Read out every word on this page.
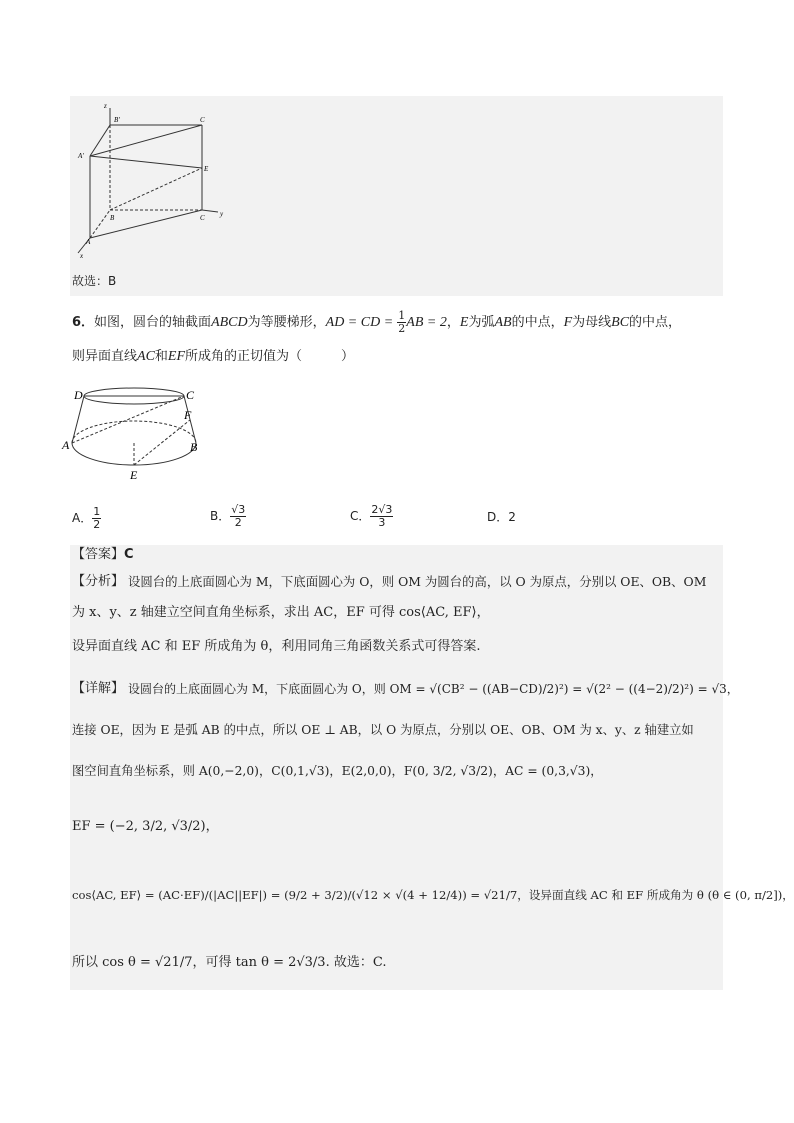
z
B'	C
A'
E
B	C y
A
x
故选：B
6．如图，圆台的轴截面ABCD为等腰梯形，AD = CD = $\frac{1}{2}$ AB = 2，E为弧AB的中点，F为母线BC的中点，
则异面直线AC和EF所成角的正切值为（　　　）
D	C
F
A	B
E
A． $\frac{1}{2}$	B． $\frac{√3}{2}$	C． $\frac{2√3}{3}$	D．2
【答案】C
【分析】 设圆台的上底面圆心为 M，下底面圆心为 O，则 OM 为圆台的高，以 O 为原点，分别以 OE、OB、OM
为 x、y、z 轴建立空间直角坐标系，求出 AC，EF 可得 cos⟨AC, EF⟩，
设异面直线 AC 和 EF 所成角为 θ，利用同角三角函数关系式可得答案.
【详解】 设圆台的上底面圆心为 M，下底面圆心为 O，则 OM = √(CB² − ((AB−CD)/2)²) = √(2² − ((4−2)/2)²) = √3，
连接 OE，因为 E 是弧 AB 的中点，所以 OE ⊥ AB，以 O 为原点，分别以 OE、OB、OM 为 x、y、z 轴建立如
图空间直角坐标系，则 A(0,−2,0)，C(0,1,√3)，E(2,0,0)，F(0, 3/2, √3/2)，AC = (0,3,√3)，
EF = (−2, 3/2, √3/2)，
cos⟨AC, EF⟩ = (AC·EF)/(|AC||EF|) = (9/2 + 3/2)/(√12 × √(4 + 12/4)) = √21/7，设异面直线 AC 和 EF 所成角为 θ (θ ∈ (0, π/2])，
所以 cos θ = √21/7，可得 tan θ = 2√3/3. 故选：C.
